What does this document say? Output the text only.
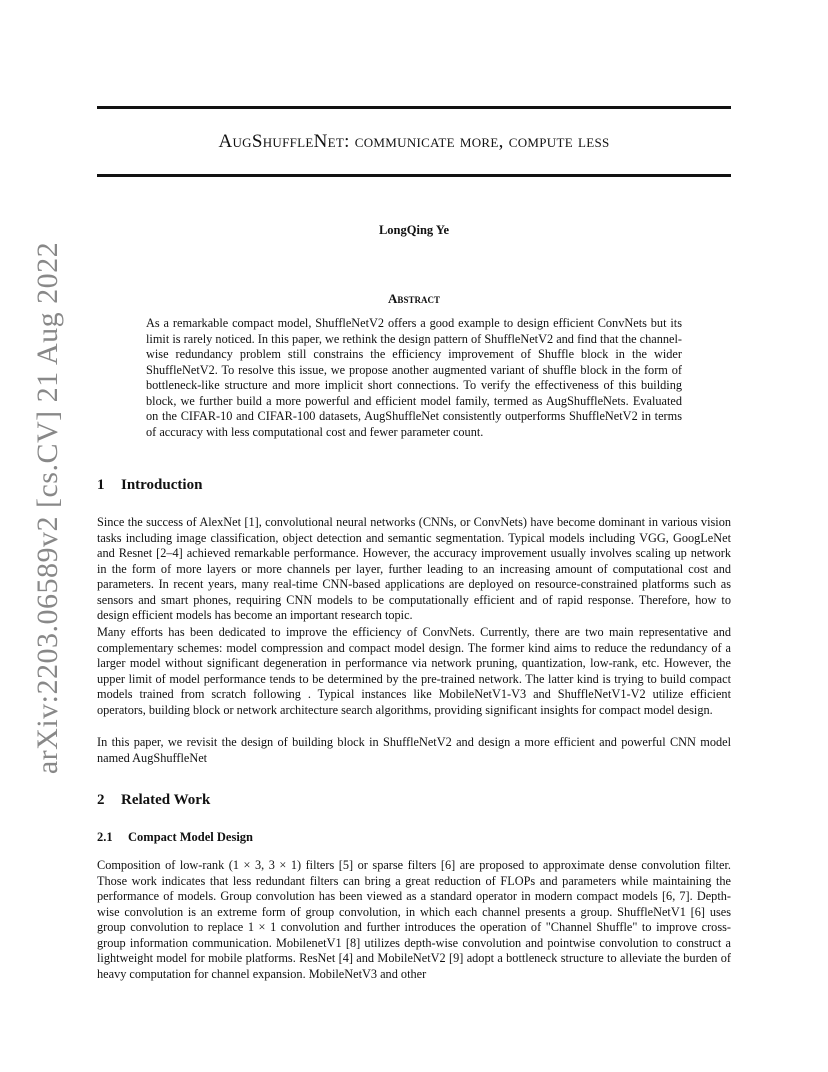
arXiv:2203.06589v2 [cs.CV] 21 Aug 2022
AugShuffleNet: communicate more, compute less
LongQing Ye
Abstract

As a remarkable compact model, ShuffleNetV2 offers a good example to design efficient ConvNets but its limit is rarely noticed. In this paper, we rethink the design pattern of ShuffleNetV2 and find that the channel-wise redundancy problem still constrains the efficiency improvement of Shuffle block in the wider ShuffleNetV2. To resolve this issue, we propose another augmented variant of shuffle block in the form of bottleneck-like structure and more implicit short connections. To verify the effectiveness of this building block, we further build a more powerful and efficient model family, termed as AugShuffleNets. Evaluated on the CIFAR-10 and CIFAR-100 datasets, AugShuffleNet consistently outperforms ShuffleNetV2 in terms of accuracy with less computational cost and fewer parameter count.

1 Introduction

Since the success of AlexNet [1], convolutional neural networks (CNNs, or ConvNets) have become dominant in various vision tasks including image classification, object detection and semantic segmentation. Typical models including VGG, GoogLeNet and Resnet [2–4] achieved remarkable performance. However, the accuracy improvement usually involves scaling up network in the form of more layers or more channels per layer, further leading to an increasing amount of computational cost and parameters. In recent years, many real-time CNN-based applications are deployed on resource-constrained platforms such as sensors and smart phones, requiring CNN models to be computationally efficient and of rapid response. Therefore, how to design efficient models has become an important research topic.

Many efforts has been dedicated to improve the efficiency of ConvNets. Currently, there are two main representative and complementary schemes: model compression and compact model design. The former kind aims to reduce the redundancy of a larger model without significant degeneration in performance via network pruning, quantization, low-rank, etc. However, the upper limit of model performance tends to be determined by the pre-trained network. The latter kind is trying to build compact models trained from scratch following . Typical instances like MobileNetV1-V3 and ShuffleNetV1-V2 utilize efficient operators, building block or network architecture search algorithms, providing significant insights for compact model design.

In this paper, we revisit the design of building block in ShuffleNetV2 and design a more efficient and powerful CNN model named AugShuffleNet

2 Related Work
2.1 Compact Model Design

Composition of low-rank (1 × 3, 3 × 1) filters [5] or sparse filters [6] are proposed to approximate dense convolution filter. Those work indicates that less redundant filters can bring a great reduction of FLOPs and parameters while maintaining the performance of models. Group convolution has been viewed as a standard operator in modern compact models [6, 7]. Depth-wise convolution is an extreme form of group convolution, in which each channel presents a group. ShuffleNetV1 [6] uses group convolution to replace 1 × 1 convolution and further introduces the operation of "Channel Shuffle" to improve cross-group information communication. MobilenetV1 [8] utilizes depth-wise convolution and pointwise convolution to construct a lightweight model for mobile platforms. ResNet [4] and MobileNetV2 [9] adopt a bottleneck structure to alleviate the burden of heavy computation for channel expansion. MobileNetV3 and other
